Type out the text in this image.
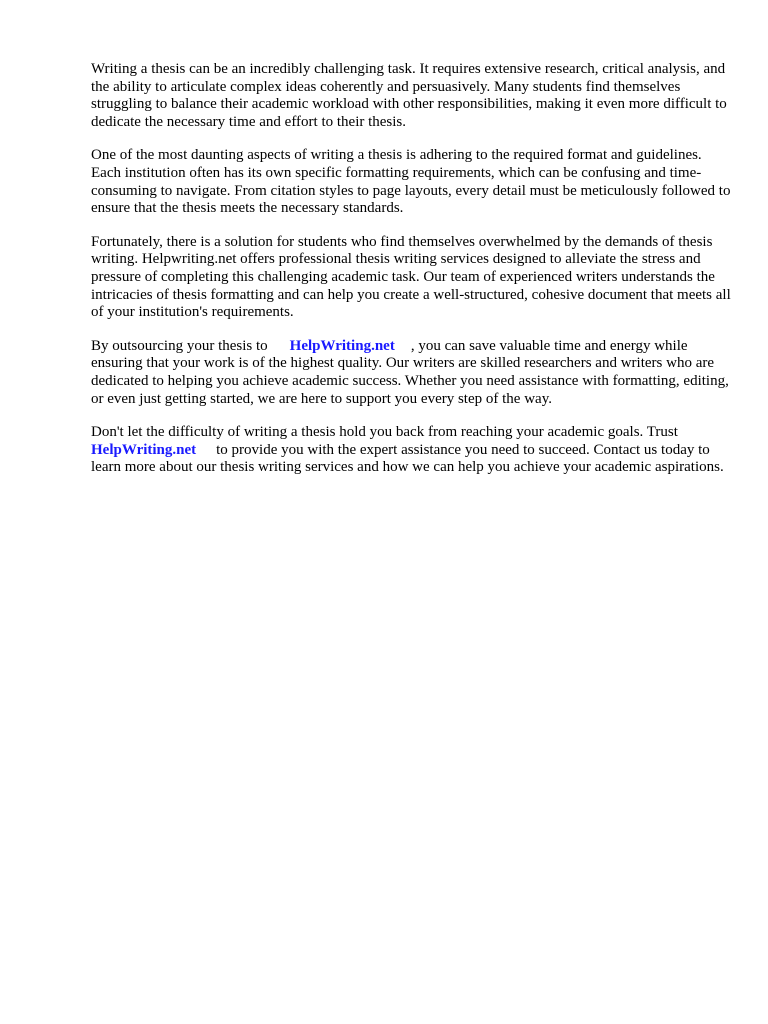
Writing a thesis can be an incredibly challenging task. It requires extensive research, critical analysis, and the ability to articulate complex ideas coherently and persuasively. Many students find themselves struggling to balance their academic workload with other responsibilities, making it even more difficult to dedicate the necessary time and effort to their thesis.

One of the most daunting aspects of writing a thesis is adhering to the required format and guidelines. Each institution often has its own specific formatting requirements, which can be confusing and time-consuming to navigate. From citation styles to page layouts, every detail must be meticulously followed to ensure that the thesis meets the necessary standards.

Fortunately, there is a solution for students who find themselves overwhelmed by the demands of thesis writing. Helpwriting.net offers professional thesis writing services designed to alleviate the stress and pressure of completing this challenging academic task. Our team of experienced writers understands the intricacies of thesis formatting and can help you create a well-structured, cohesive document that meets all of your institution's requirements.

By outsourcing your thesis to HelpWriting.net , you can save valuable time and energy while ensuring that your work is of the highest quality. Our writers are skilled researchers and writers who are dedicated to helping you achieve academic success. Whether you need assistance with formatting, editing, or even just getting started, we are here to support you every step of the way.

Don't let the difficulty of writing a thesis hold you back from reaching your academic goals. Trust HelpWriting.net to provide you with the expert assistance you need to succeed. Contact us today to learn more about our thesis writing services and how we can help you achieve your academic aspirations.
